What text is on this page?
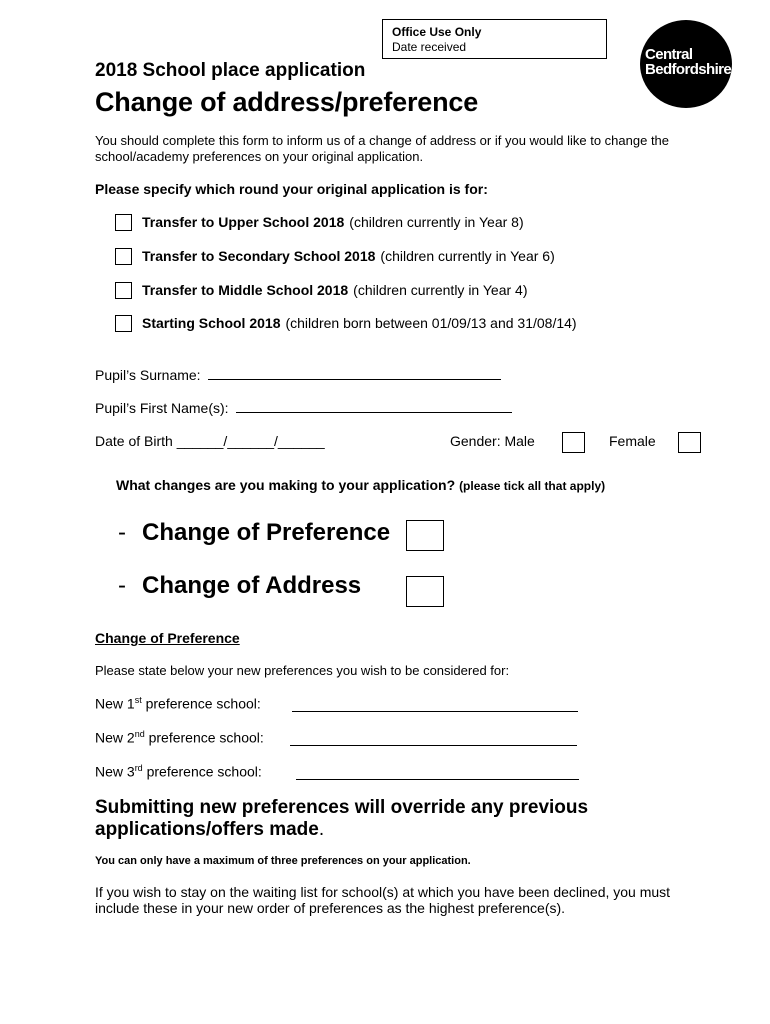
Office Use Only
Date received	Central
Bedfordshire
2018 School place application
Change of address/preference
You should complete this form to inform us of a change of address or if you would like to change the school/academy preferences on your original application.
Please specify which round your original application is for:
Transfer to Upper School 2018 (children currently in Year 8)
Transfer to Secondary School 2018 (children currently in Year 6)
Transfer to Middle School 2018 (children currently in Year 4)
Starting School 2018 (children born between 01/09/13 and 31/08/14)
Pupil’s Surname:
Pupil’s First Name(s):
Date of Birth ______/______/______	Gender: Male	Female
What changes are you making to your application? (please tick all that apply)
- Change of Preference
- Change of Address
Change of Preference
Please state below your new preferences you wish to be considered for:
New 1st preference school:
New 2nd preference school:
New 3rd preference school:
Submitting new preferences will override any previous applications/offers made.
You can only have a maximum of three preferences on your application.
If you wish to stay on the waiting list for school(s) at which you have been declined, you must include these in your new order of preferences as the highest preference(s).
